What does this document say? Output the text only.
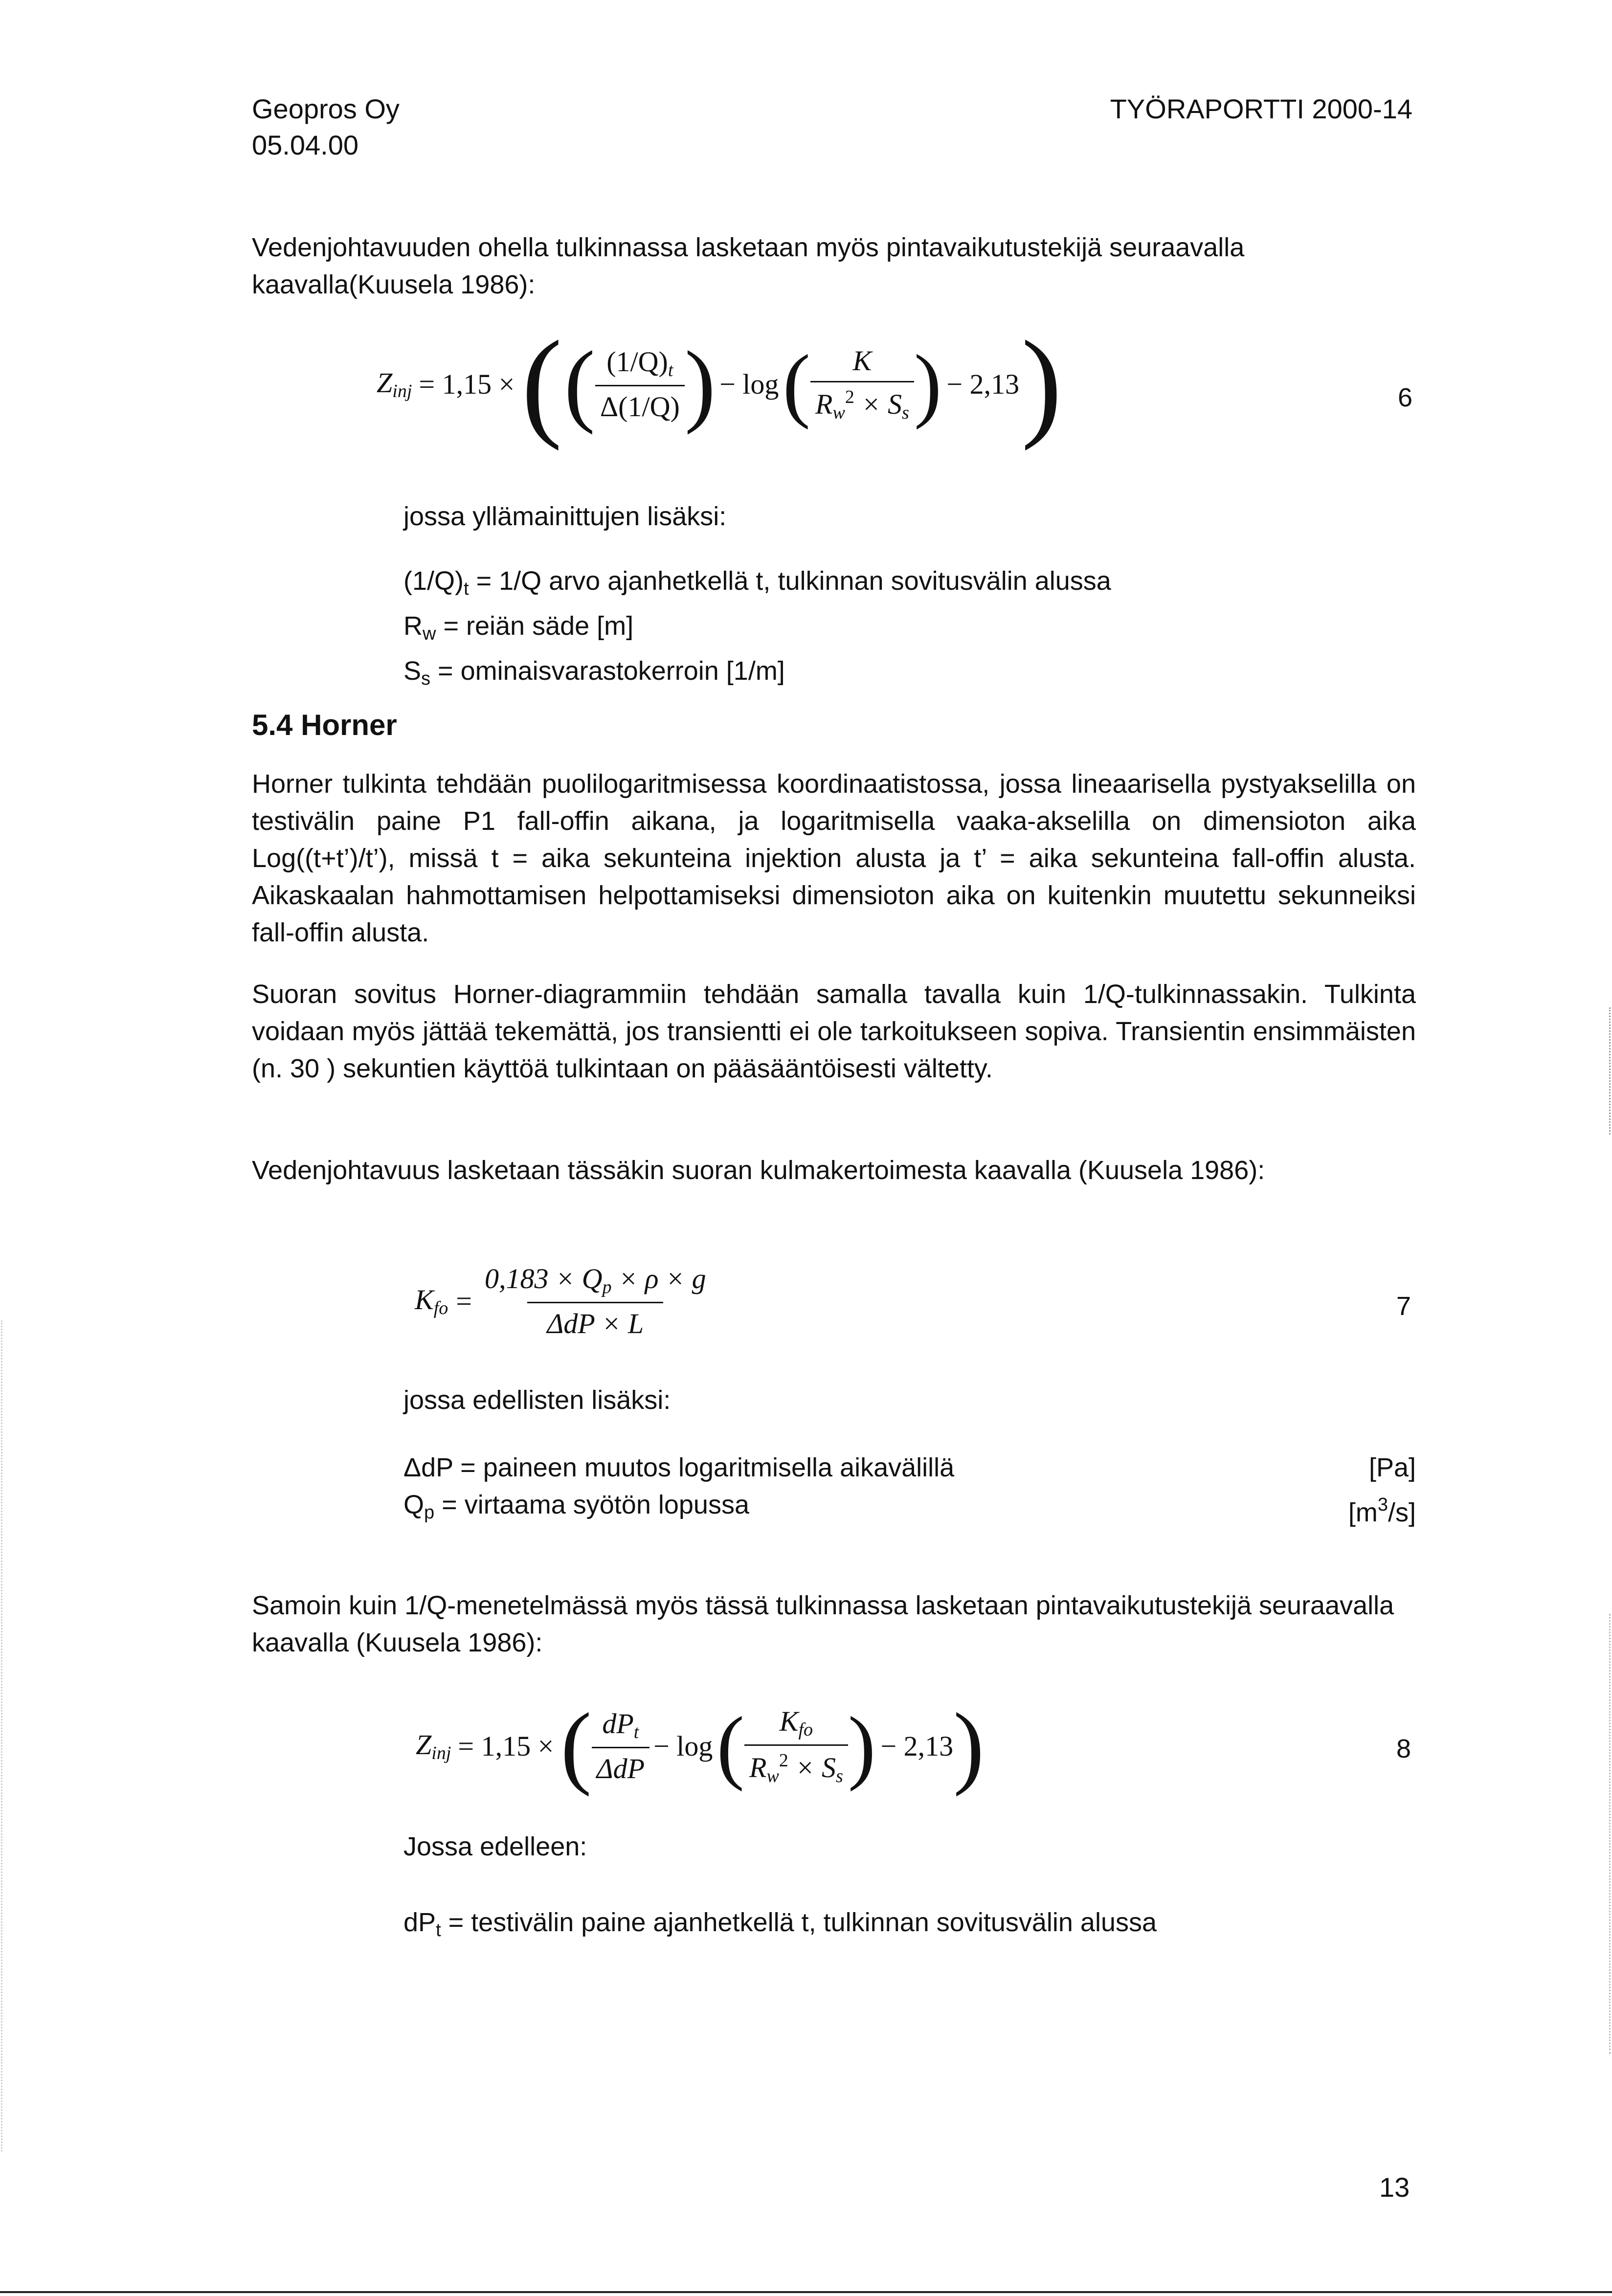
Geopros Oy
05.04.00
TYÖRAPORTTI 2000-14
Vedenjohtavuuden ohella tulkinnassa lasketaan myös pintavaikutustekijä seuraavalla kaavalla(Kuusela 1986):
$Z_{inj} = 1,15$ × ( ( $\frac{(1/Q)_t}{\Delta(1/Q)}$ ) − log ( $\frac{K}{R_w^2 \times S_s}$ ) − 2,13 )	6
jossa yllämainittujen lisäksi:
$(1/Q)_t = 1/Q$ arvo ajanhetkellä t, tulkinnan sovitusvälin alussa
$R_w$ = reiän säde [m]
$S_s$ = ominaisvarastokerroin [1/m]
5.4 Horner
Horner tulkinta tehdään puolilogaritmisessa koordinaatistossa, jossa lineaarisella pystyakselilla on testivälin paine P1 fall-offin aikana, ja logaritmisella vaaka-akselilla on dimensioton aika Log((t+t’)/t’), missä t = aika sekunteina injektion alusta ja t’ = aika sekunteina fall-offin alusta. Aikaskaalan hahmottamisen helpottamiseksi dimensioton aika on kuitenkin muutettu sekunneiksi fall-offin alusta.
Suoran sovitus Horner-diagrammiin tehdään samalla tavalla kuin 1/Q-tulkinnassakin. Tulkinta voidaan myös jättää tekemättä, jos transientti ei ole tarkoitukseen sopiva. Transientin ensimmäisten (n. 30 ) sekuntien käyttöä tulkintaan on pääsääntöisesti vältetty.
Vedenjohtavuus lasketaan tässäkin suoran kulmakertoimesta kaavalla (Kuusela 1986):
$K_{fo} = \frac{0,183 \times Q_p \times \rho \times g}{\text{ΔdP × L}}$	7
jossa edellisten lisäksi:
ΔdP = paineen muutos logaritmisella aikavälillä	[Pa]
$Q_p$ = virtaama syötön lopussa	$[m^3/s]$
Samoin kuin 1/Q-menetelmässä myös tässä tulkinnassa lasketaan pintavaikutustekijä seuraavalla kaavalla (Kuusela 1986):
$Z_{inj} = 1,15$ × ( $\frac{dP_t}{\text{ΔdP}} - \log$ ( $\frac{K_{fo}}{R_w^2 \times S_s}$ ) − 2,13 )	8
Jossa edelleen:
$dP_t$ = testivälin paine ajanhetkellä t, tulkinnan sovitusvälin alussa
13
